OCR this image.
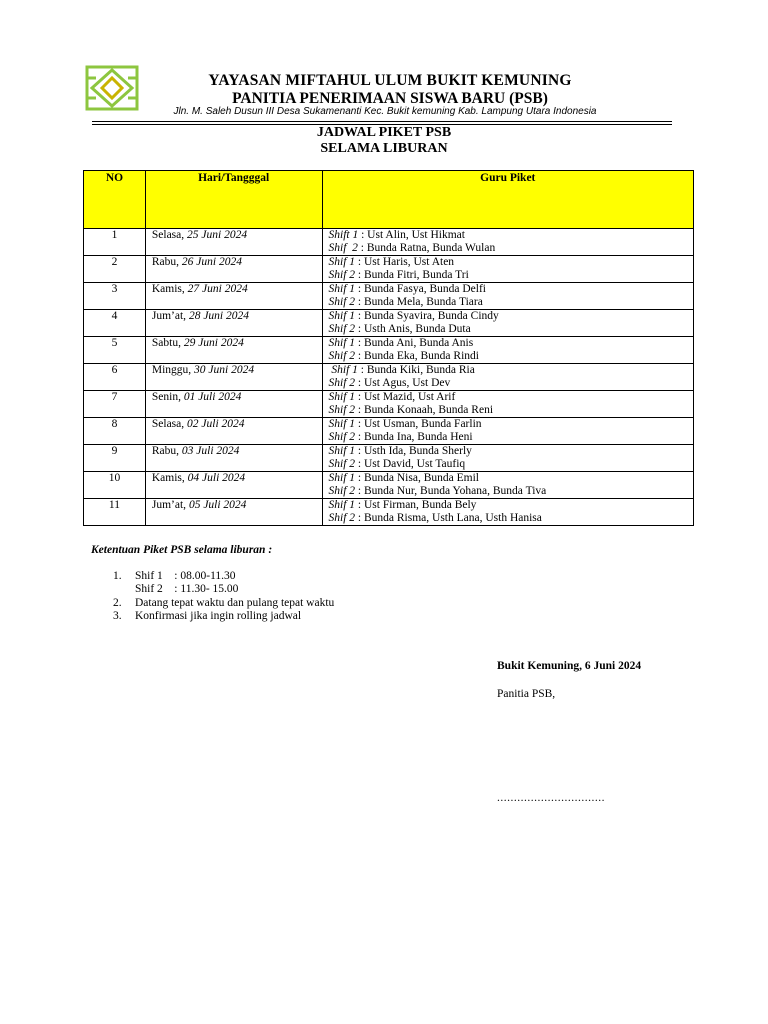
YAYASAN MIFTAHUL ULUM BUKIT KEMUNING
PANITIA PENERIMAAN SISWA BARU (PSB)
Jln. M. Saleh Dusun III Desa Sukamenanti Kec. Bukit kemuning Kab. Lampung Utara Indonesia
JADWAL PIKET PSB
SELAMA LIBURAN
NO	Hari/Tangggal	Guru Piket
1	Selasa, 25 Juni 2024	Shift 1 : Ust Alin, Ust Hikmat
Shif  2 : Bunda Ratna, Bunda Wulan

2	Rabu, 26 Juni 2024	Shif 1 : Ust Haris, Ust Aten
Shif 2 : Bunda Fitri, Bunda Tri

3	Kamis, 27 Juni 2024	Shif 1 : Bunda Fasya, Bunda Delfi
Shif 2 : Bunda Mela, Bunda Tiara

4	Jum’at, 28 Juni 2024	Shif 1 : Bunda Syavira, Bunda Cindy
Shif 2 : Usth Anis, Bunda Duta

5	Sabtu, 29 Juni 2024	Shif 1 : Bunda Ani, Bunda Anis
Shif 2 : Bunda Eka, Bunda Rindi

6	Minggu, 30 Juni 2024	Shif 1 : Bunda Kiki, Bunda Ria
Shif 2 : Ust Agus, Ust Dev

7	Senin, 01 Juli 2024	Shif 1 : Ust Mazid, Ust Arif
Shif 2 : Bunda Konaah, Bunda Reni

8	Selasa, 02 Juli 2024	Shif 1 : Ust Usman, Bunda Farlin
Shif 2 : Bunda Ina, Bunda Heni

9	Rabu, 03 Juli 2024	Shif 1 : Usth Ida, Bunda Sherly
Shif 2 : Ust David, Ust Taufiq

10	Kamis, 04 Juli 2024	Shif 1 : Bunda Nisa, Bunda Emil
Shif 2 : Bunda Nur, Bunda Yohana, Bunda Tiva

11	Jum’at, 05 Juli 2024	Shif 1 : Ust Firman, Bunda Bely
Shif 2 : Bunda Risma, Usth Lana, Usth Hanisa
Ketentuan Piket PSB selama liburan :
1. Shif 1    : 08.00-11.30
Shif 2    : 11.30- 15.00
2. Datang tepat waktu dan pulang tepat waktu
3. Konfirmasi jika ingin rolling jadwal
Bukit Kemuning, 6 Juni 2024
Panitia PSB,
................................
